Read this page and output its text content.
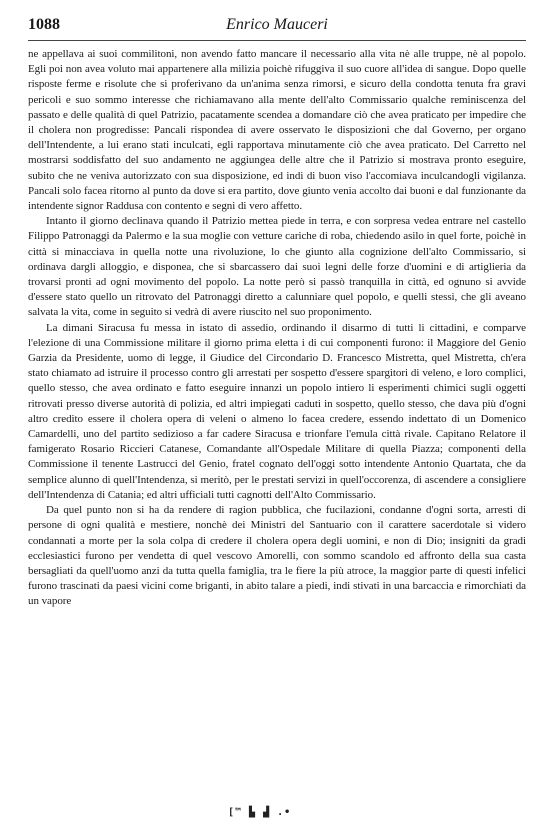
1088	Enrico Mauceri

ne appellava ai suoi commilitoni, non avendo fatto mancare il necessario alla vita nè alle truppe, nè al popolo. Egli poi non avea voluto mai appartenere alla milizia poichè rifuggiva il suo cuore all'idea di sangue. Dopo quelle risposte ferme e risolute che si proferivano da un'anima senza rimorsi, e sicuro della condotta tenuta fra gravi pericoli e suo sommo interesse che richiamavano alla mente dell'alto Commissario qualche reminiscenza del passato e delle qualità di quel Patrizio, pacatamente scendea a domandare ciò che avea praticato per impedire che il cholera non progredisse: Pancali rispondea di avere osservato le disposizioni che dal Governo, per organo dell'Intendente, a lui erano stati inculcati, egli rapportava minutamente ciò che avea praticato. Del Carretto nel mostrarsi soddisfatto del suo andamento ne aggiungea delle altre che il Patrizio si mostrava pronto eseguire, subito che ne veniva autorizzato con sua disposizione, ed indi di buon viso l'accomiava inculcandogli vigilanza. Pancali solo facea ritorno al punto da dove si era partito, dove giunto venia accolto dai buoni e dal funzionante da intendente signor Raddusa con contento e segni di vero affetto.

Intanto il giorno declinava quando il Patrizio mettea piede in terra, e con sorpresa vedea entrare nel castello Filippo Patronaggi da Palermo e la sua moglie con vetture cariche di roba, chiedendo asilo in quel forte, poichè in città si minacciava in quella notte una rivoluzione, lo che giunto alla cognizione dell'alto Commissario, si ordinava dargli alloggio, e disponea, che si sbarcassero dai suoi legni delle forze d'uomini e di artiglieria da trovarsi pronti ad ogni movimento del popolo. La notte però si passò tranquilla in città, ed ognuno si avvide d'essere stato quello un ritrovato del Patronaggi diretto a calunniare quel popolo, e quelli stessi, che gli aveano salvata la vita, come in seguito si vedrà di avere riuscito nel suo proponimento.

La dimani Siracusa fu messa in istato di assedio, ordinando il disarmo di tutti li cittadini, e comparve l'elezione di una Commissione militare il giorno prima eletta i di cui componenti furono: il Maggiore del Genio Garzia da Presidente, uomo di legge, il Giudice del Circondario D. Francesco Mistretta, quel Mistretta, ch'era stato chiamato ad istruire il processo contro gli arrestati per sospetto d'essere spargitori di veleno, e loro complici, quello stesso, che avea ordinato e fatto eseguire innanzi un popolo intiero li esperimenti chimici sugli oggetti ritrovati presso diverse autorità di polizia, ed altri impiegati caduti in sospetto, quello stesso, che dava più d'ogni altro credito essere il cholera opera di veleni o almeno lo facea credere, essendo indettato di un Domenico Camardelli, uno del partito sedizioso a far cadere Siracusa e trionfare l'emula città rivale. Capitano Relatore il famigerato Rosario Riccieri Catanese, Comandante all'Ospedale Militare di quella Piazza; componenti della Commissione il tenente Lastrucci del Genio, fratel cognato dell'oggi sotto intendente Antonio Quartata, che da semplice alunno di quell'Intendenza, si meritò, per le prestati servizi in quell'occorenza, di ascendere a consigliere dell'Intendenza di Catania; ed altri ufficiali tutti cagnotti dell'Alto Commissario.

Da quel punto non si ha da rendere di ragion pubblica, che fucilazioni, condanne d'ogni sorta, arresti di persone di ogni qualità e mestiere, nonchè dei Ministri del Santuario con il carattere sacerdotale si videro condannati a morte per la sola colpa di credere il cholera opera degli uomini, e non di Dio; insigniti da gradi ecclesiastici furono per vendetta di quel vescovo Amorelli, con sommo scandolo ed affronto della sua casta bersagliati da quell'uomo anzi da tutta quella famiglia, tra le fiere la più atroce, la maggior parte di questi infelici furono trascinati da paesi vicini come briganti, in abito talare a piedi, indi stivati in una barcaccia e rimorchiati da un vapore

[™ ▙ ▟ .•
